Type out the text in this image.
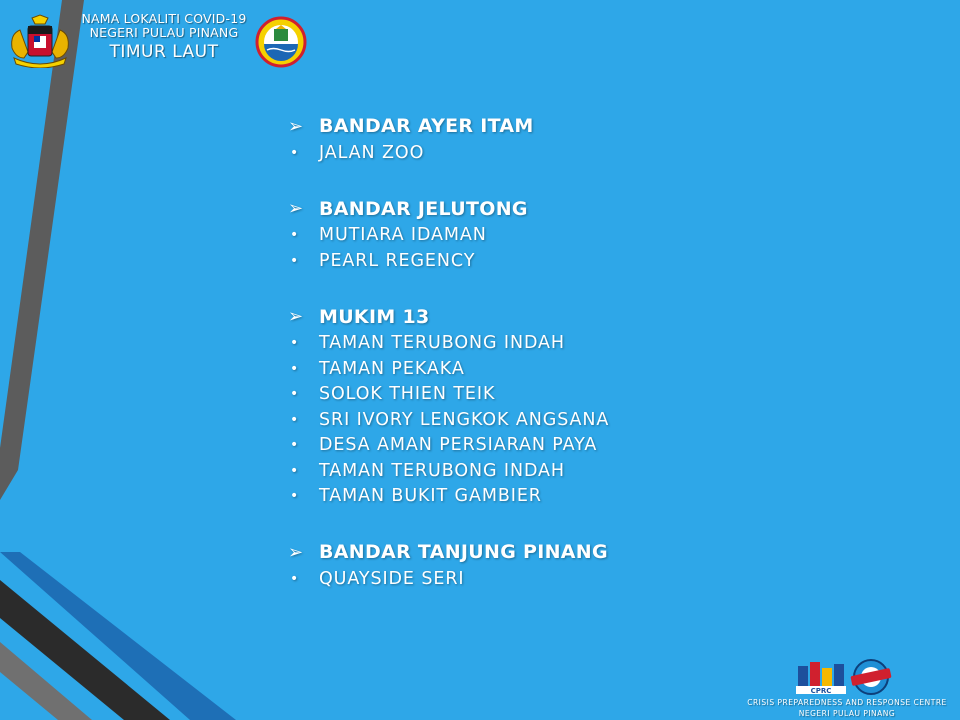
NAMA LOKALITI COVID-19
NEGERI PULAU PINANG
TIMUR LAUT
➢ BANDAR AYER ITAM
•	JALAN ZOO
➢ BANDAR JELUTONG
•	MUTIARA IDAMAN
•	PEARL REGENCY
➢ MUKIM 13
•	TAMAN TERUBONG INDAH
•	TAMAN PEKAKA
•	SOLOK THIEN TEIK
•	SRI IVORY LENGKOK ANGSANA
•	DESA AMAN PERSIARAN PAYA
•	TAMAN TERUBONG INDAH
•	TAMAN BUKIT GAMBIER
➢ BANDAR TANJUNG PINANG
•	QUAYSIDE SERI
CPRC
CRISIS PREPAREDNESS AND RESPONSE CENTRE
NEGERI PULAU PINANG
